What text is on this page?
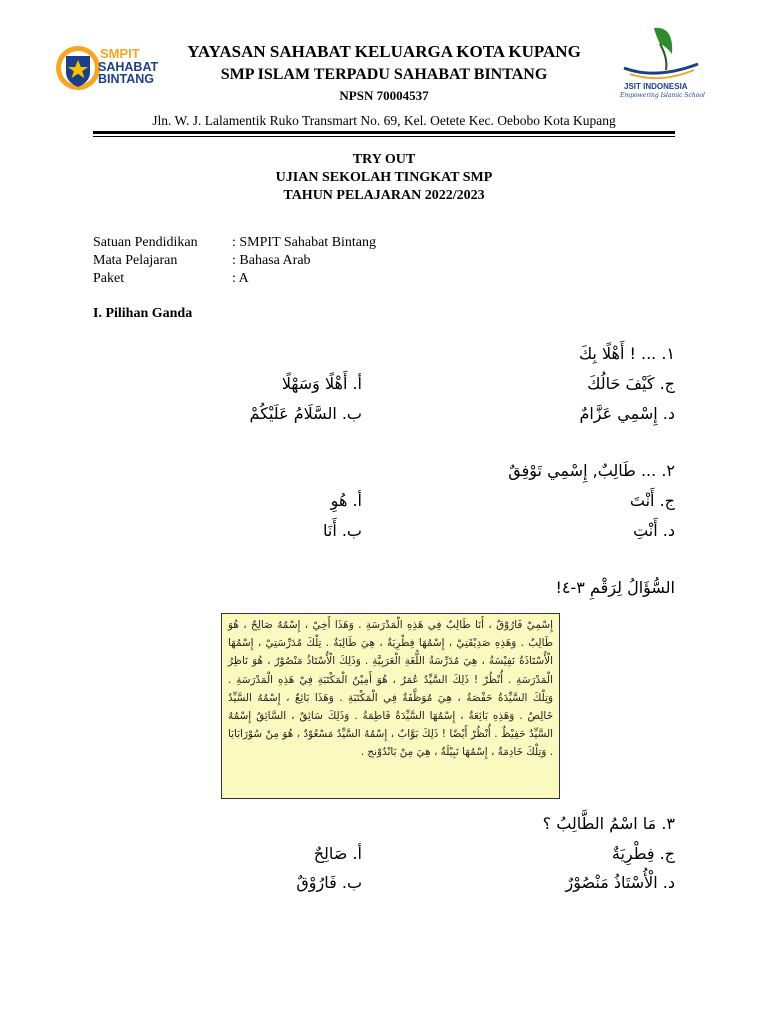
SMPIT
SAHABAT
BINTANG
JSIT INDONESIA
Empowering Islamic School
YAYASAN SAHABAT KELUARGA KOTA KUPANG
SMP ISLAM TERPADU SAHABAT BINTANG
NPSN 70004537
Jln. W. J. Lalamentik Ruko Transmart No. 69, Kel. Oetete Kec. Oebobo Kota Kupang
TRY OUT
UJIAN SEKOLAH TINGKAT SMP
TAHUN PELAJARAN 2022/2023
Satuan Pendidikan	: SMPIT Sahabat Bintang
Mata Pelajaran	: Bahasa Arab
Paket	: A
I. Pilihan Ganda
١. ... ! أَهْلًا بِكَ
ج. كَيْفَ حَالُكَ
أ. أَهْلًا وَسَهْلًا
د. إِسْمِي عَزَّامٌ
ب. السَّلَامُ عَلَيْكُمْ
٢. ... طَالِبٌ, إِسْمِي تَوْفِقٌ
ج. أَنْتَ
أ. هُوِ
د. أَنْتِ
ب. أَنَا
السُّؤَالُ لِرَقْمِ ٣-٤!

إِسْمِيْ فَارُوْقٌ ، أَنَا طَالِبٌ فِي هَذِهِ الْمَدْرَسَةِ . وَهَذَا أَخِيْ ، إِسْمُهُ صَالِحٌ ، هُوَ طَالِبٌ . وَهَذِهِ صَدِيْقَتِيْ ، إِسْمُهَا فِطْرِيَةٌ ، هِيَ طَالِبَةٌ . تِلْكَ مُدَرِّسَتِيْ ، إِسْمُهَا الْأُسْتَاذَةُ نَفِيْسَةُ ، هِيَ مُدَرِّسَةُ اللُّغَةِ الْعَرَبِيَّةِ . وَذَلِكَ الْأُسْتَاذُ مَنْصُوْرٌ ، هُوَ نَاظِرُ الْمَدْرَسَةِ . أُنْظُرْ ! ذَلِكَ السَّيِّدُ عُمَرُ ، هُوَ أَمِيْنُ الْمَكْتَبَةِ فِيْ هَذِهِ الْمَدْرَسَةِ . وَتِلْكَ السَّيِّدَةُ حَفْصَةُ ، هِيَ مُوَظَّفَةٌ فِي الْمَكْتَبَةِ . وَهَذَا بَائِعٌ ، إِسْمُهُ السَّيِّدُ خَالِصٌ . وَهَذِهِ بَائِعَةٌ ، إِسْمُهَا السَّيِّدَةُ فَاطِمَةُ . وَذَلِكَ سَائِقٌ ، السَّائِقُ إِسْمُهُ السَّيِّدُ حَفِيْظٌ . أُنْظُرْ أَيْضًا ! ذَلِكَ بَوَّابٌ ، إِسْمُهُ السَّيِّدُ مَسْعُوْدٌ ، هُوَ مِنْ سُوْرَابَايَا . وَتِلْكَ خَادِمَةٌ ، إِسْمُهَا نَبِيْلَةٌ ، هِيَ مِنْ بَانْدُوْنج .

٣. مَا اسْمُ الطَّالِبُ ؟
ج. فِطْرِيَةٌ
أ. صَالِحٌ
د. الْأُسْتَاذُ مَنْصُوْرٌ
ب. فَارُوْقٌ
